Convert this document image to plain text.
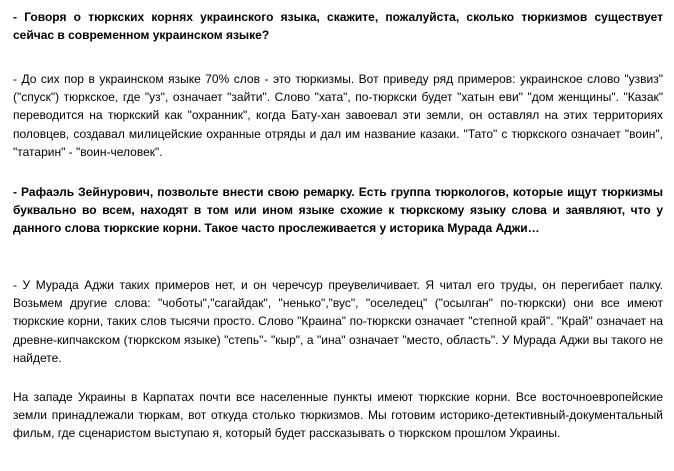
- Говоря о тюркских корнях украинского языка, скажите, пожалуйста, сколько тюркизмов существует сейчас в современном украинском языке?

- До сих пор в украинском языке 70% слов - это тюркизмы. Вот приведу ряд примеров: украинское слово "узвиз" ("спуск") тюркское, где "уз", означает "зайти". Слово "хата", по-тюркски будет "хатын еви" "дом женщины". "Казак" переводится на тюркский как "охранник", когда Бату-хан завоевал эти земли, он оставлял на этих территориях половцев, создавал милицейские охранные отряды и дал им название казаки. "Тато" с тюркского означает "воин", "татарин" - "воин-человек".

- Рафаэль Зейнурович, позвольте внести свою ремарку. Есть группа тюркологов, которые ищут тюркизмы буквально во всем, находят в том или ином языке схожие к тюркскому языку слова и заявляют, что у данного слова тюркские корни. Такое часто прослеживается у историка Мурада Аджи…

- У Мурада Аджи таких примеров нет, и он черечсур преувеличивает. Я читал его труды, он перегибает палку. Возьмем другие слова: "чоботы","сагайдак", "ненько","вус", "оселедец" ("осылган" по-тюркски) они все имеют тюркские корни, таких слов тысячи просто. Слово "Краина" по-тюркски означает "степной край". "Край" означает на древне-кипчакском (тюркском языке) "степь"- "кыр", а "ина" означает "место, область". У Мурада Аджи вы такого не найдете.

На западе Украины в Карпатах почти все населенные пункты имеют тюркские корни. Все восточноевропейские земли принадлежали тюркам, вот откуда столько тюркизмов. Мы готовим историко-детективный-документальный фильм, где сценаристом выступаю я, который будет рассказывать о тюркском прошлом Украины.
